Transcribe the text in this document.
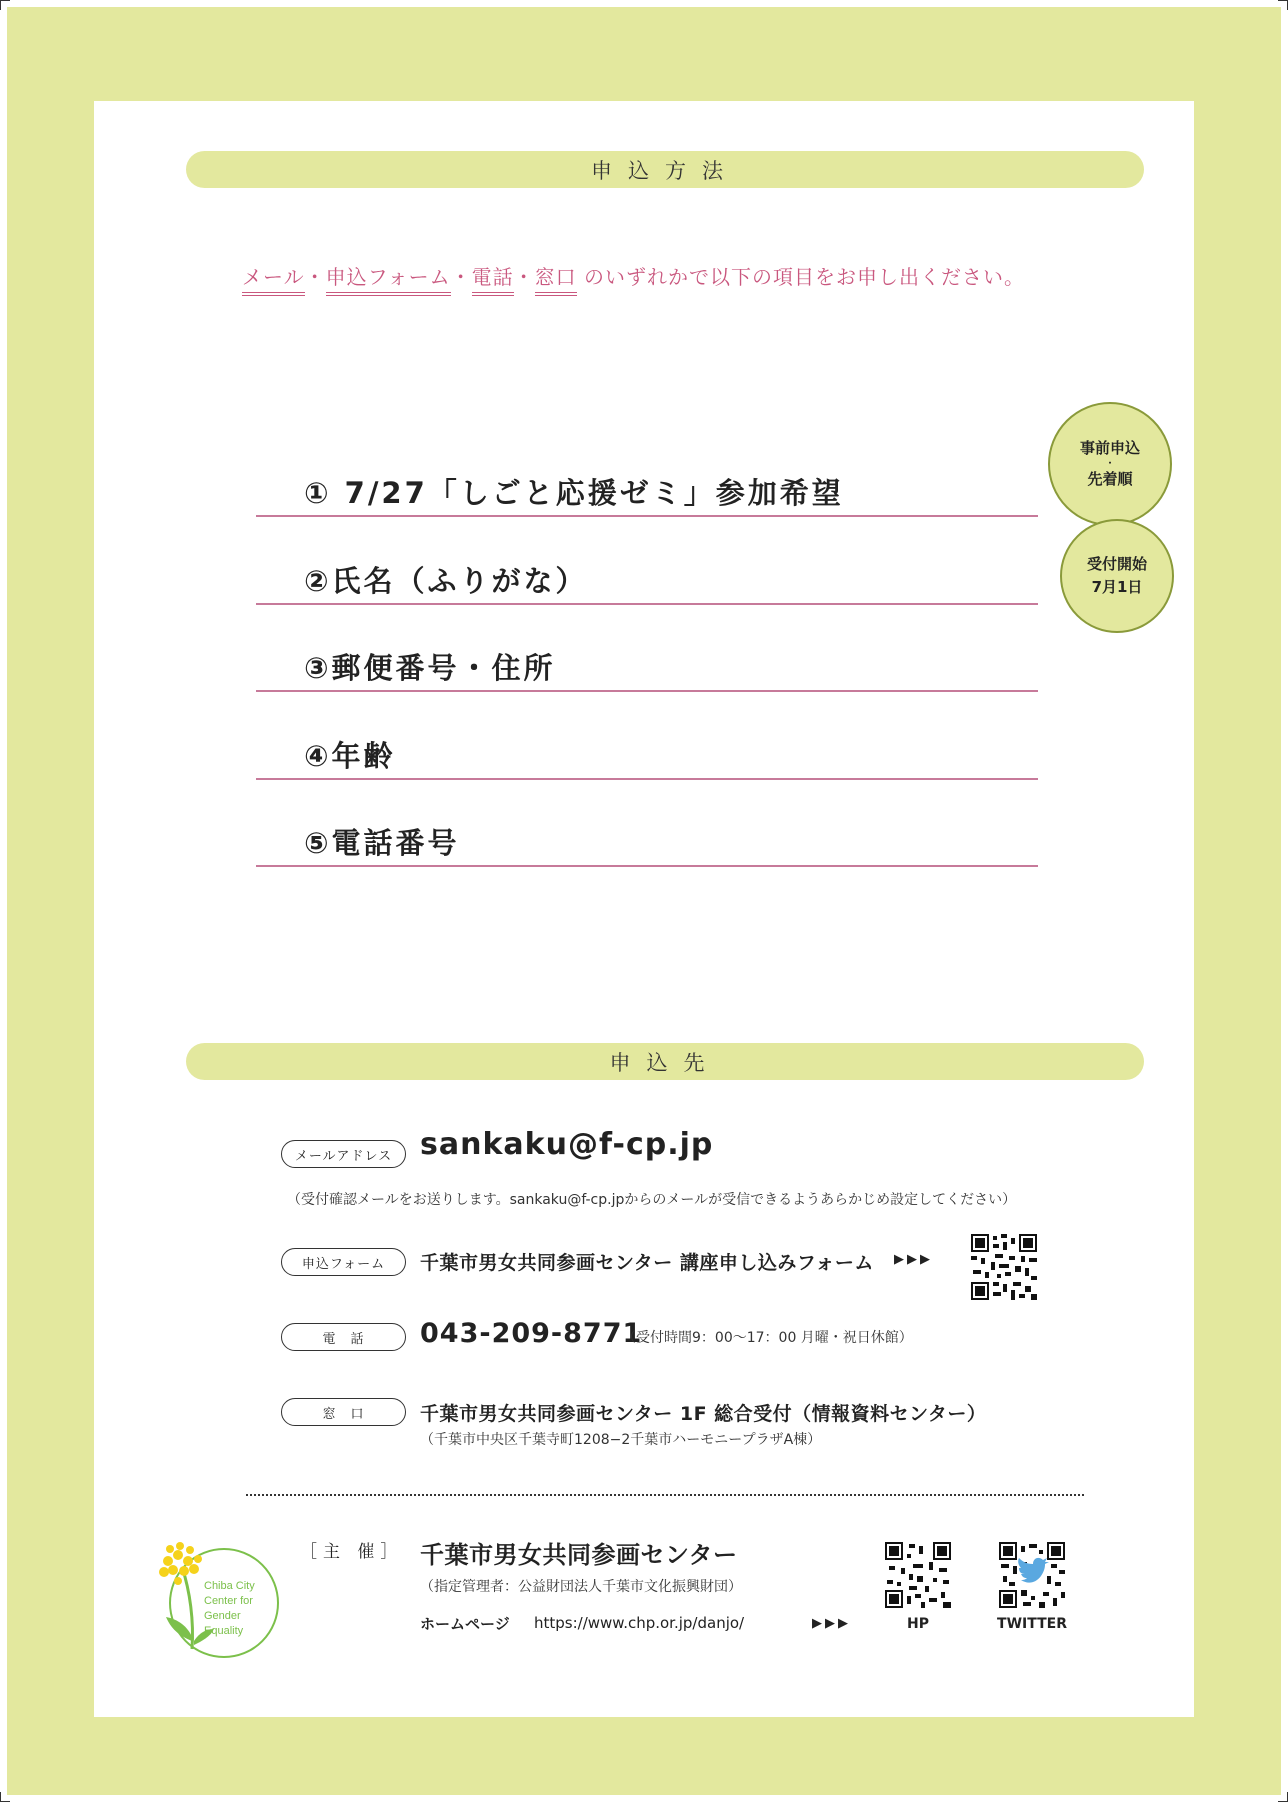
申込方法
メール・申込フォーム・電話・窓口 のいずれかで以下の項目をお申し出ください。
① 7/27「しごと応援ゼミ」参加希望
②氏名（ふりがな）
③郵便番号・住所
④年齢
⑤電話番号
事前申込
・
先着順
受付開始
7月1日
申込先
メールアドレス sankaku@f-cp.jp
（受付確認メールをお送りします。sankaku@f-cp.jpからのメールが受信できるようあらかじめ設定してください）
申込フォーム 千葉市男女共同参画センター 講座申し込みフォーム ▶▶▶
電　話 043-209-8771
（受付時間9：00〜17：00 月曜・祝日休館）
窓　口	千葉市男女共同参画センター 1F 総合受付（情報資料センター）
（千葉市中央区千葉寺町1208−2千葉市ハーモニープラザA棟）
Chiba City
Center for
Gender
Equality
［主 催］ 千葉市男女共同参画センター
（指定管理者：公益財団法人千葉市文化振興財団）
ホームページ https://www.chp.or.jp/danjo/	▶▶▶	HP	TWITTER
